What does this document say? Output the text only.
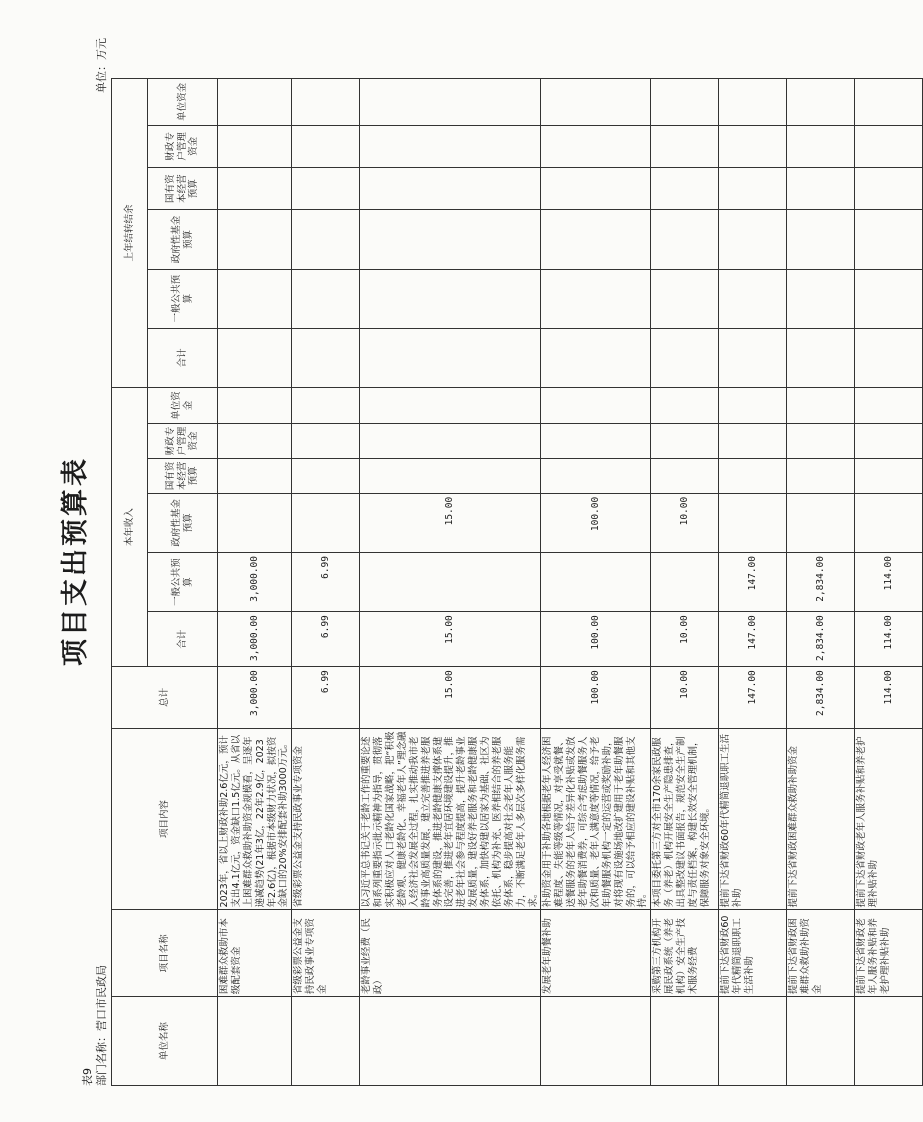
项目支出预算表
表9 部门名称：营口市民政局
单位：万元
单位名称	项目名称	项目内容	总计	本年收入						上年结转结余					
				合计	一般公共预算	政府性基金预算	国有资本经营预算	财政专户管理资金	单位资金	合计	一般公共预算	政府性基金预算	国有资本经营预算	财政专户管理资金	单位资金
	困难群众救助市本级配套资金	2023年，省以上财政补助2.6亿元，预计支出4.1亿元，资金缺口1.5亿元。从省以上困难群众救助补助资金规模看，呈逐年递减趋势(21年3亿，22年2.9亿，2023年2.6亿)，根据市本级财力状况，拟按资金缺口的20%安排配套补助3000万元。	3,000.00	3,000.00	3,000.00										
	省级彩票公益金支持民政事业专项资金	省级彩票公益金支持民政事业专项资金	6.99	6.99	6.99										
	老龄事业经费（民政）	以习近平总书记关于老龄工作的重要论述和系列重要指示批示精神为指导，贯彻落实积极应对人口老龄化国家战略，把“积极老龄观、健康老龄化、幸福老年人”理念融入经济社会发展全过程，扎实推动我市老龄事业高质量发展，建立完善推进养老服务体系的建设，推进老龄健康支撑体系建设完善，推进老年宜居环境建设提升，推进老年社会参与程度提高，提升老龄事业发展质量，建设好养老服务和老龄健康服务体系，加快构建以居家为基础、社区为依托、机构为补充、医养相结合的养老服务体系，稳步提高对社会老年人服务能力，不断满足老年人多层次多样化服务需求。	15.00	15.00		15.00									
	发展老年助餐补助	补助资金用于补助各地根据老年人经济困难程度、失能等级等情况，对享受就餐、送餐服务的老年人给予差异化补贴或发放老年助餐消费券，可综合考虑助餐服务人次和质量、老年人满意度等情况，给予老年助餐服务机构一定的运营或奖励补助，对将现有设施场地改扩建用于老年助餐服务的，可以给予相应的建设补贴和其他支持。	100.00	100.00		100.00									
	采购第三方机构开展民政系统（养老机构）安全生产技术服务经费	本项目委托第三方对全市170余家民政服务（养老）机构开展安全生产隐患排查，出具整改建议书面报告，规范安全生产制度与责任档案，构建长效安全管理机制，保障服务对象安全环境。	10.00	10.00		10.00									
	提前下达省财政60年代精简退职职工生活补助	提前下达省财政60年代精简退职职工生活补助	147.00	147.00	147.00										
	提前下达省财政困难群众救助补助资金	提前下达省财政困难群众救助补助资金	2,834.00	2,834.00	2,834.00										
	提前下达省财政老年人服务补贴和养老护理补贴补助	提前下达省财政老年人服务补贴和养老护理补贴补助	114.00	114.00	114.00										
